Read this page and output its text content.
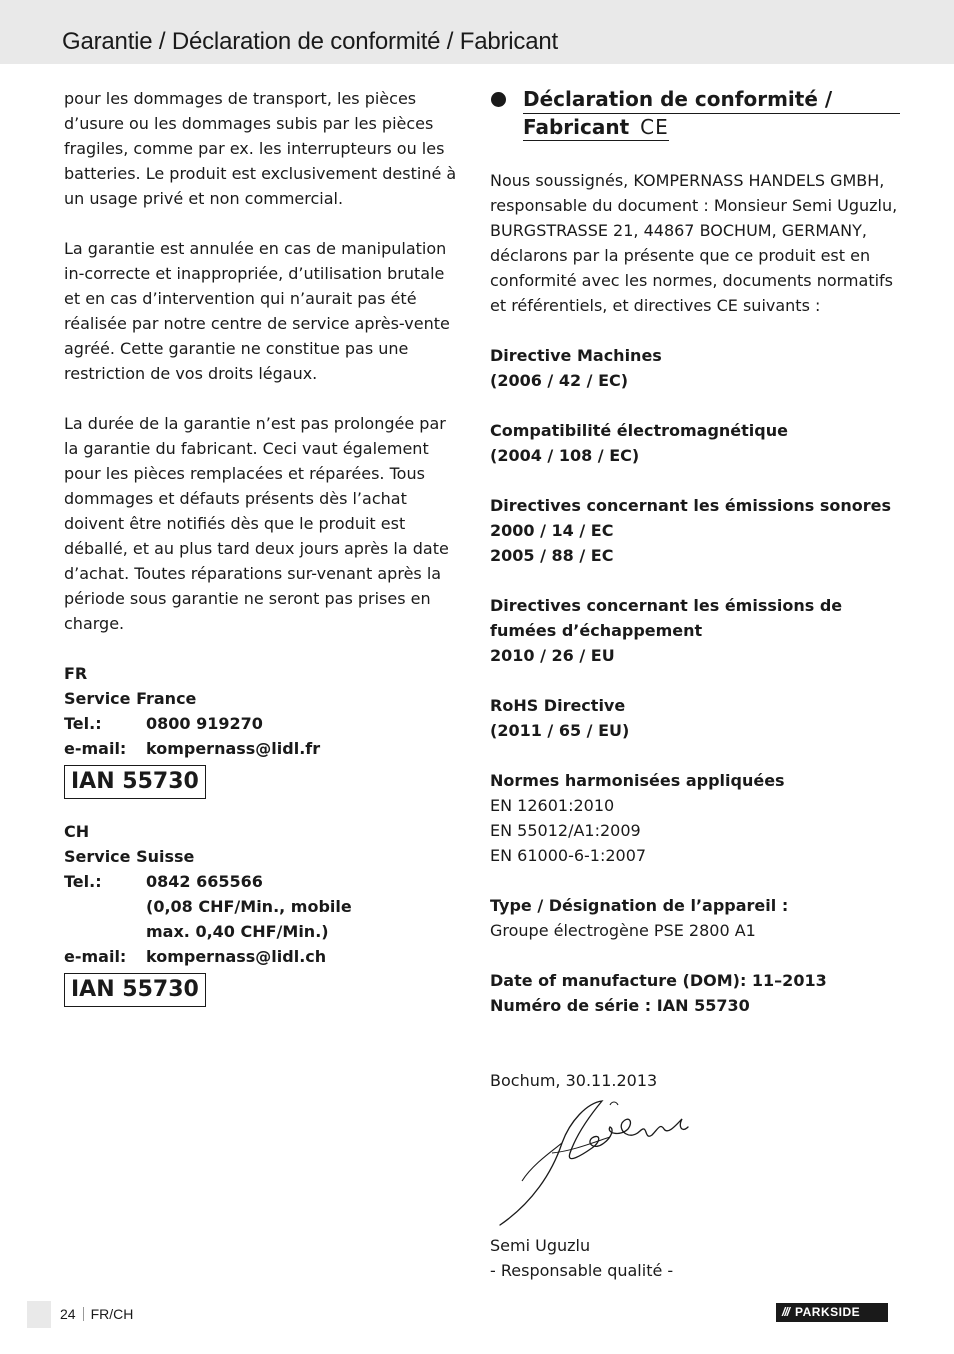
Garantie / Déclaration de conformité / Fabricant

pour les dommages de transport, les pièces d’usure ou les dommages subis par les pièces fragiles, comme par ex. les interrupteurs ou les batteries. Le produit est exclusivement destiné à un usage privé et non commercial.

La garantie est annulée en cas de manipulation in-correcte et inappropriée, d’utilisation brutale et en cas d’intervention qui n’aurait pas été réalisée par notre centre de service après-vente agréé. Cette garantie ne constitue pas une restriction de vos droits légaux.

La durée de la garantie n’est pas prolongée par la garantie du fabricant. Ceci vaut également pour les pièces remplacées et réparées. Tous dommages et défauts présents dès l’achat doivent être notifiés dès que le produit est déballé, et au plus tard deux jours après la date d’achat. Toutes réparations sur-venant après la période sous garantie ne seront pas prises en charge.

FR
Service France
Tel.:	0800 919270
e-mail:	kompernass@lidl.fr
IAN 55730
CH
Service Suisse
Tel.:	0842 665566
(0,08 CHF/Min., mobile
max. 0,40 CHF/Min.)
e-mail:	kompernass@lidl.ch
IAN 55730
Déclaration de conformité /
Fabricant CE

Nous soussignés, KOMPERNASS HANDELS GMBH, responsable du document : Monsieur Semi Uguzlu, BURGSTRASSE 21, 44867 BOCHUM, GERMANY, déclarons par la présente que ce produit est en conformité avec les normes, documents normatifs et référentiels, et directives CE suivants :

Directive Machines
(2006 / 42 / EC)
Compatibilité électromagnétique
(2004 / 108 / EC)
Directives concernant les émissions sonores
2000 / 14 / EC
2005 / 88 / EC
Directives concernant les émissions de
fumées d’échappement
2010 / 26 / EU
RoHS Directive
(2011 / 65 / EU)
Normes harmonisées appliquées
EN 12601:2010
EN 55012/A1:2009
EN 61000-6-1:2007
Type / Désignation de l’appareil :
Groupe électrogène PSE 2800 A1
Date of manufacture (DOM): 11–2013
Numéro de série : IAN 55730
Bochum, 30.11.2013
Semi Uguzlu
- Responsable qualité -
24 FR/CH	/// PARKSIDE
